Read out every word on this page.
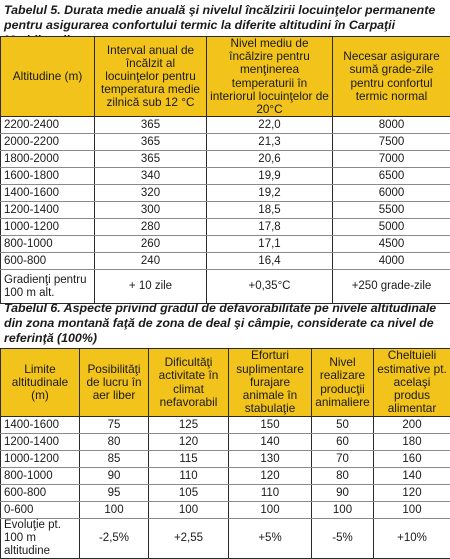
Tabelul 5. Durata medie anuală şi nivelul încălzirii locuinţelor permanente pentru asigurarea confortului termic la diferite altitudini în Carpaţii
Altitudine (m)	Interval anual de încălzit al locuinţelor pentru temperatura medie zilnică sub 12 °C	Nivel mediu de încălzire pentru menţinerea temperaturii în interiorul locuinţelor de 20°C	Necesar asigurare sumă grade-zile pentru confortul termic normal
2200-2400	365	22,0	8000
2000-2200	365	21,3	7500
1800-2000	365	20,6	7000
1600-1800	340	19,9	6500
1400-1600	320	19,2	6000
1200-1400	300	18,5	5500
1000-1200	280	17,8	5000
800-1000	260	17,1	4500
600-800	240	16,4	4000
Gradienţi pentru 100 m alt.	+ 10 zile	+0,35°C	+250 grade-zile
Tabelul 6. Aspecte privind gradul de defavorabilitate pe nivele altitudinale din zona montană faţă de zona de deal şi câmpie, considerate ca nivel de referinţă (100%)
Limite altitudinale (m)	Posibilităţi de lucru în aer liber	Dificultăţi activitate în climat nefavorabil	Eforturi suplimentare furajare animale în stabulaţie	Nivel realizare producţii animaliere	Cheltuieli estimative pt. acelaşi produs alimentar
1400-1600	75	125	150	50	200
1200-1400	80	120	140	60	180
1000-1200	85	115	130	70	160
800-1000	90	110	120	80	140
600-800	95	105	110	90	120
0-600	100	100	100	100	100
Evoluţie pt. 100 m altitudine	-2,5%	+2,55	+5%	-5%	+10%
